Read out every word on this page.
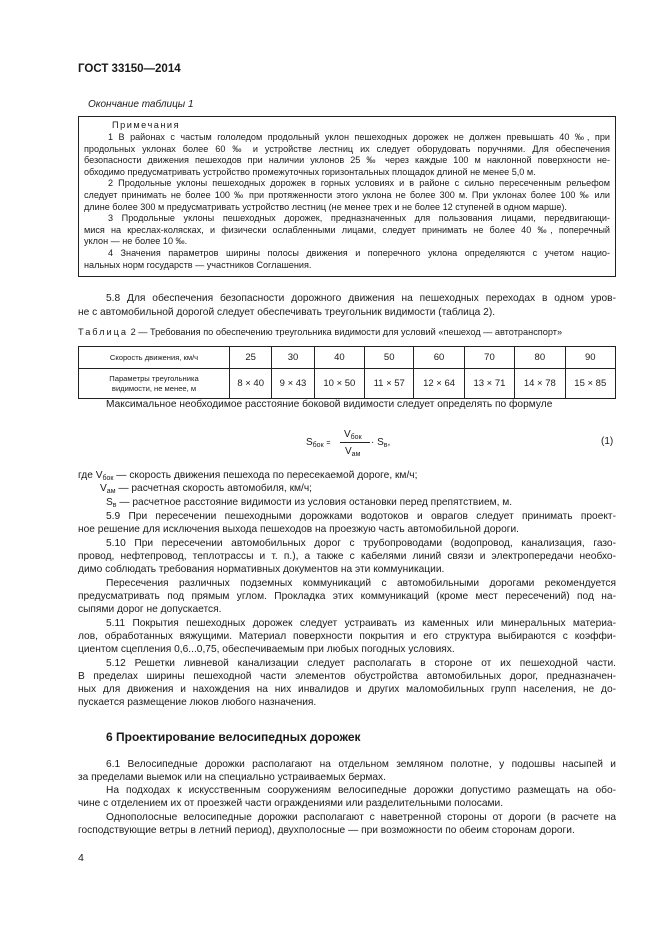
ГОСТ 33150—2014
Окончание таблицы 1
Примечания
1 В районах с частым гололедом продольный уклон пешеходных дорожек не должен превышать 40 ‰, при
продольных уклонах более 60 ‰ и устройстве лестниц их следует оборудовать поручнями. Для обеспечения
безопасности движения пешеходов при наличии уклонов 25 ‰ через каждые 100 м наклонной поверхности не-
обходимо предусматривать устройство промежуточных горизонтальных площадок длиной не менее 5,0 м.
2 Продольные уклоны пешеходных дорожек в горных условиях и в районе с сильно пересеченным рельефом
следует принимать не более 100 ‰ при протяженности этого уклона не более 300 м. При уклонах более 100 ‰ или
длине более 300 м предусматривать устройство лестниц (не менее трех и не более 12 ступеней в одном марше).
3 Продольные уклоны пешеходных дорожек, предназначенных для пользования лицами, передвигающи-
мися на креслах-колясках, и физически ослабленными лицами, следует принимать не более 40 ‰, поперечный
уклон — не более 10 ‰.
4 Значения параметров ширины полосы движения и поперечного уклона определяются с учетом нацио-
нальных норм государств — участников Соглашения.
5.8 Для обеспечения безопасности дорожного движения на пешеходных переходах в одном уров-
не с автомобильной дорогой следует обеспечивать треугольник видимости (таблица 2).
Таблица 2 — Требования по обеспечению треугольника видимости для условий «пешеход — автотранспорт»
Скорость движения, км/ч	25	30	40	50	60	70	80	90
Параметры треугольника
видимости, не менее, м	8 × 40	9 × 43	10 × 50	11 × 57	12 × 64	13 × 71	14 × 78	15 × 85
Максимальное необходимое расстояние боковой видимости следует определять по формуле
$S_{бок}$ =
$V_{бок}$
$V_{ам}$
· $S_в$,	(1)
где $V_{бок}$ — скорость движения пешехода по пересекаемой дороге, км/ч;
$V_{ам}$ — расчетная скорость автомобиля, км/ч;
$S_в$ — расчетное расстояние видимости из условия остановки перед препятствием, м.
5.9 При пересечении пешеходными дорожками водотоков и оврагов следует принимать проект-
ное решение для исключения выхода пешеходов на проезжую часть автомобильной дороги.
5.10 При пересечении автомобильных дорог с трубопроводами (водопровод, канализация, газо-
провод, нефтепровод, теплотрассы и т. п.), а также с кабелями линий связи и электропередачи необхо-
димо соблюдать требования нормативных документов на эти коммуникации.
Пересечения различных подземных коммуникаций с автомобильными дорогами рекомендуется
предусматривать под прямым углом. Прокладка этих коммуникаций (кроме мест пересечений) под на-
сыпями дорог не допускается.
5.11 Покрытия пешеходных дорожек следует устраивать из каменных или минеральных материа-
лов, обработанных вяжущими. Материал поверхности покрытия и его структура выбираются с коэффи-
циентом сцепления 0,6...0,75, обеспечиваемым при любых погодных условиях.
5.12 Решетки ливневой канализации следует располагать в стороне от их пешеходной части.
В пределах ширины пешеходной части элементов обустройства автомобильных дорог, предназначен-
ных для движения и нахождения на них инвалидов и других маломобильных групп населения, не до-
пускается размещение люков любого назначения.
6 Проектирование велосипедных дорожек
6.1 Велосипедные дорожки располагают на отдельном земляном полотне, у подошвы насыпей и
за пределами выемок или на специально устраиваемых бермах.
На подходах к искусственным сооружениям велосипедные дорожки допустимо размещать на обо-
чине с отделением их от проезжей части ограждениями или разделительными полосами.
Однополосные велосипедные дорожки располагают с наветренной стороны от дороги (в расчете на
господствующие ветры в летний период), двухполосные — при возможности по обеим сторонам дороги.
4
